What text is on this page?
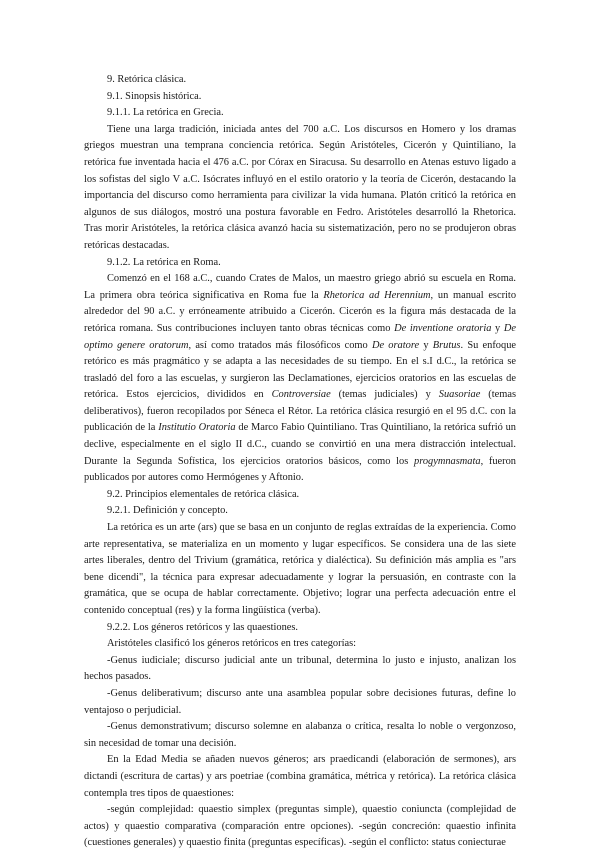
9. Retórica clásica.

9.1. Sinopsis histórica.

9.1.1. La retórica en Grecia.

Tiene una larga tradición, iniciada antes del 700 a.C. Los discursos en Homero y los dramas griegos muestran una temprana conciencia retórica. Según Aristóteles, Cicerón y Quintiliano, la retórica fue inventada hacia el 476 a.C. por Córax en Siracusa. Su desarrollo en Atenas estuvo ligado a los sofistas del siglo V a.C. Isócrates influyó en el estilo oratorio y la teoría de Cicerón, destacando la importancia del discurso como herramienta para civilizar la vida humana. Platón criticó la retórica en algunos de sus diálogos, mostró una postura favorable en Fedro. Aristóteles desarrolló la Rhetorica. Tras morir Aristóteles, la retórica clásica avanzó hacia su sistematización, pero no se produjeron obras retóricas destacadas.

9.1.2. La retórica en Roma.

Comenzó en el 168 a.C., cuando Crates de Malos, un maestro griego abrió su escuela en Roma. La primera obra teórica significativa en Roma fue la Rhetorica ad Herennium, un manual escrito alrededor del 90 a.C. y erróneamente atribuido a Cicerón. Cicerón es la figura más destacada de la retórica romana. Sus contribuciones incluyen tanto obras técnicas como De inventione oratoria y De optimo genere oratorum, así como tratados más filosóficos como De oratore y Brutus. Su enfoque retórico es más pragmático y se adapta a las necesidades de su tiempo. En el s.I d.C., la retórica se trasladó del foro a las escuelas, y surgieron las Declamationes, ejercicios oratorios en las escuelas de retórica. Estos ejercicios, divididos en Controversiae (temas judiciales) y Suasoriae (temas deliberativos), fueron recopilados por Séneca el Rétor. La retórica clásica resurgió en el 95 d.C. con la publicación de la Institutio Oratoria de Marco Fabio Quintiliano. Tras Quintiliano, la retórica sufrió un declive, especialmente en el siglo II d.C., cuando se convirtió en una mera distracción intelectual. Durante la Segunda Sofística, los ejercicios oratorios básicos, como los progymnasmata, fueron publicados por autores como Hermógenes y Aftonio.

9.2. Principios elementales de retórica clásica.

9.2.1. Definición y concepto.

La retórica es un arte (ars) que se basa en un conjunto de reglas extraídas de la experiencia. Como arte representativa, se materializa en un momento y lugar específicos. Se considera una de las siete artes liberales, dentro del Trivium (gramática, retórica y dialéctica). Su definición más amplia es "ars bene dicendi", la técnica para expresar adecuadamente y lograr la persuasión, en contraste con la gramática, que se ocupa de hablar correctamente. Objetivo; lograr una perfecta adecuación entre el contenido conceptual (res) y la forma lingüística (verba).

9.2.2. Los géneros retóricos y las quaestiones.

Aristóteles clasificó los géneros retóricos en tres categorías:

-Genus iudiciale; discurso judicial ante un tribunal, determina lo justo e injusto, analizan los hechos pasados.

-Genus deliberativum; discurso ante una asamblea popular sobre decisiones futuras, define lo ventajoso o perjudicial.

-Genus demonstrativum; discurso solemne en alabanza o crítica, resalta lo noble o vergonzoso, sin necesidad de tomar una decisión.

En la Edad Media se añaden nuevos géneros; ars praedicandi (elaboración de sermones), ars dictandi (escritura de cartas) y ars poetriae (combina gramática, métrica y retórica). La retórica clásica contempla tres tipos de quaestiones:

-según complejidad: quaestio simplex (preguntas simple), quaestio coniuncta (complejidad de actos) y quaestio comparativa (comparación entre opciones). -según concreción: quaestio infinita (cuestiones generales) y quaestio finita (preguntas específicas). -según el conflicto: status coniecturae
